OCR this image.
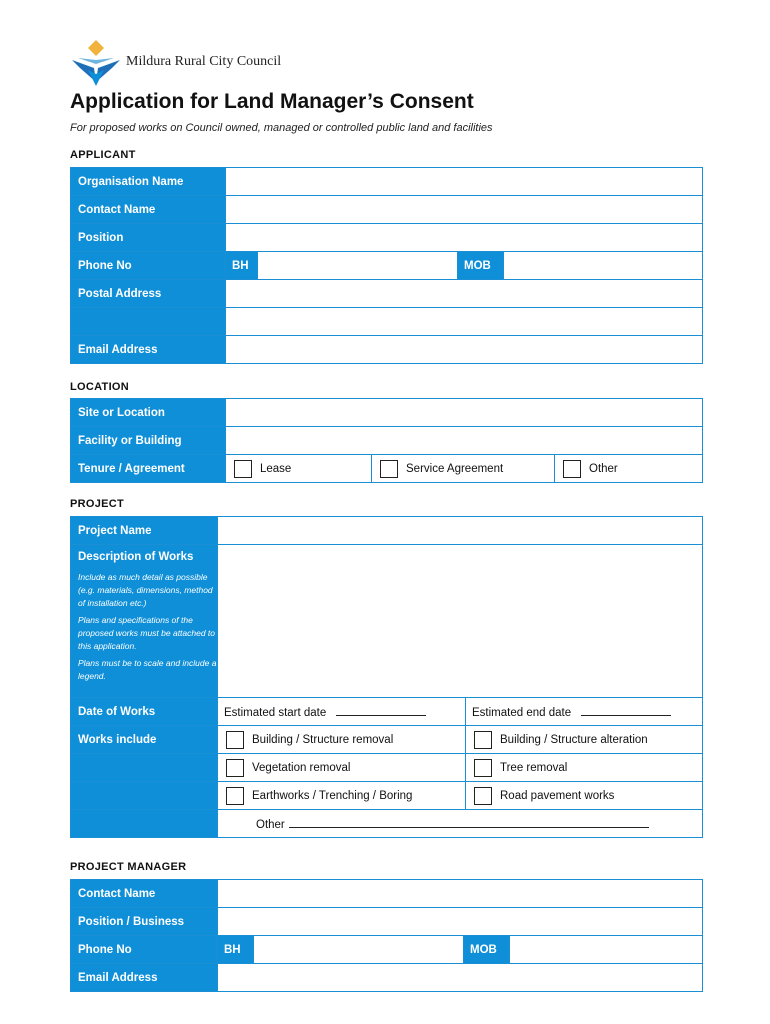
Mildura Rural City Council
Application for Land Manager’s Consent
For proposed works on Council owned, managed or controlled public land and facilities
APPLICANT
Organisation Name				
Contact Name				
Position				
Phone No	BH		MOB	
Postal Address				

Email Address				
LOCATION
Site or Location			
Facility or Building			
Tenure / Agreement	Lease	Service Agreement	Other
PROJECT
Project Name		

Description of Works

Include as much detail as possible (e.g. materials, dimensions, method of installation etc.)

Plans and specifications of the proposed works must be attached to this application.

Plans must be to scale and include a legend.		

Date of Works	Estimated start date	Estimated end date
Works include	Building / Structure removal	Building / Structure alteration
	Vegetation removal	Tree removal
	Earthworks / Trenching / Boring	Road pavement works
	Other	
PROJECT MANAGER
Contact Name				
Position / Business				
Phone No	BH		MOB	
Email Address				
